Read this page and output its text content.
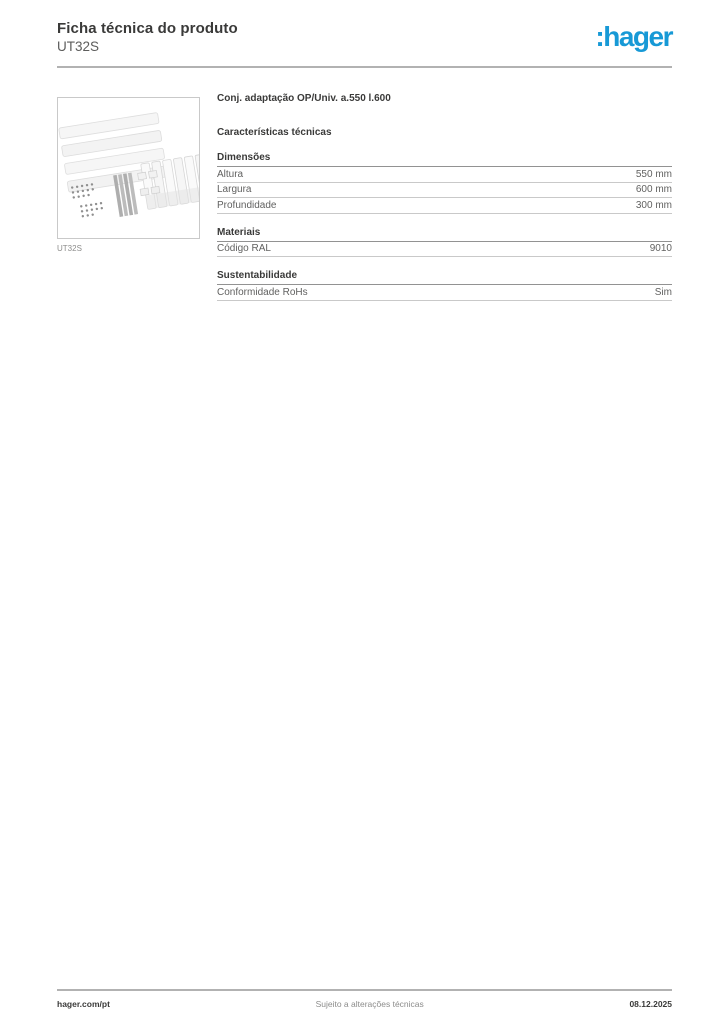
Ficha técnica do produto
UT32S	:hager
UT32S
Conj. adaptação OP/Univ. a.550 l.600
Características técnicas
Dimensões
Altura	550 mm
Largura	600 mm
Profundidade	300 mm
Materiais
Código RAL	9010
Sustentabilidade
Conformidade RoHs	Sim
hager.com/pt	Sujeito a alterações técnicas	08.12.2025
